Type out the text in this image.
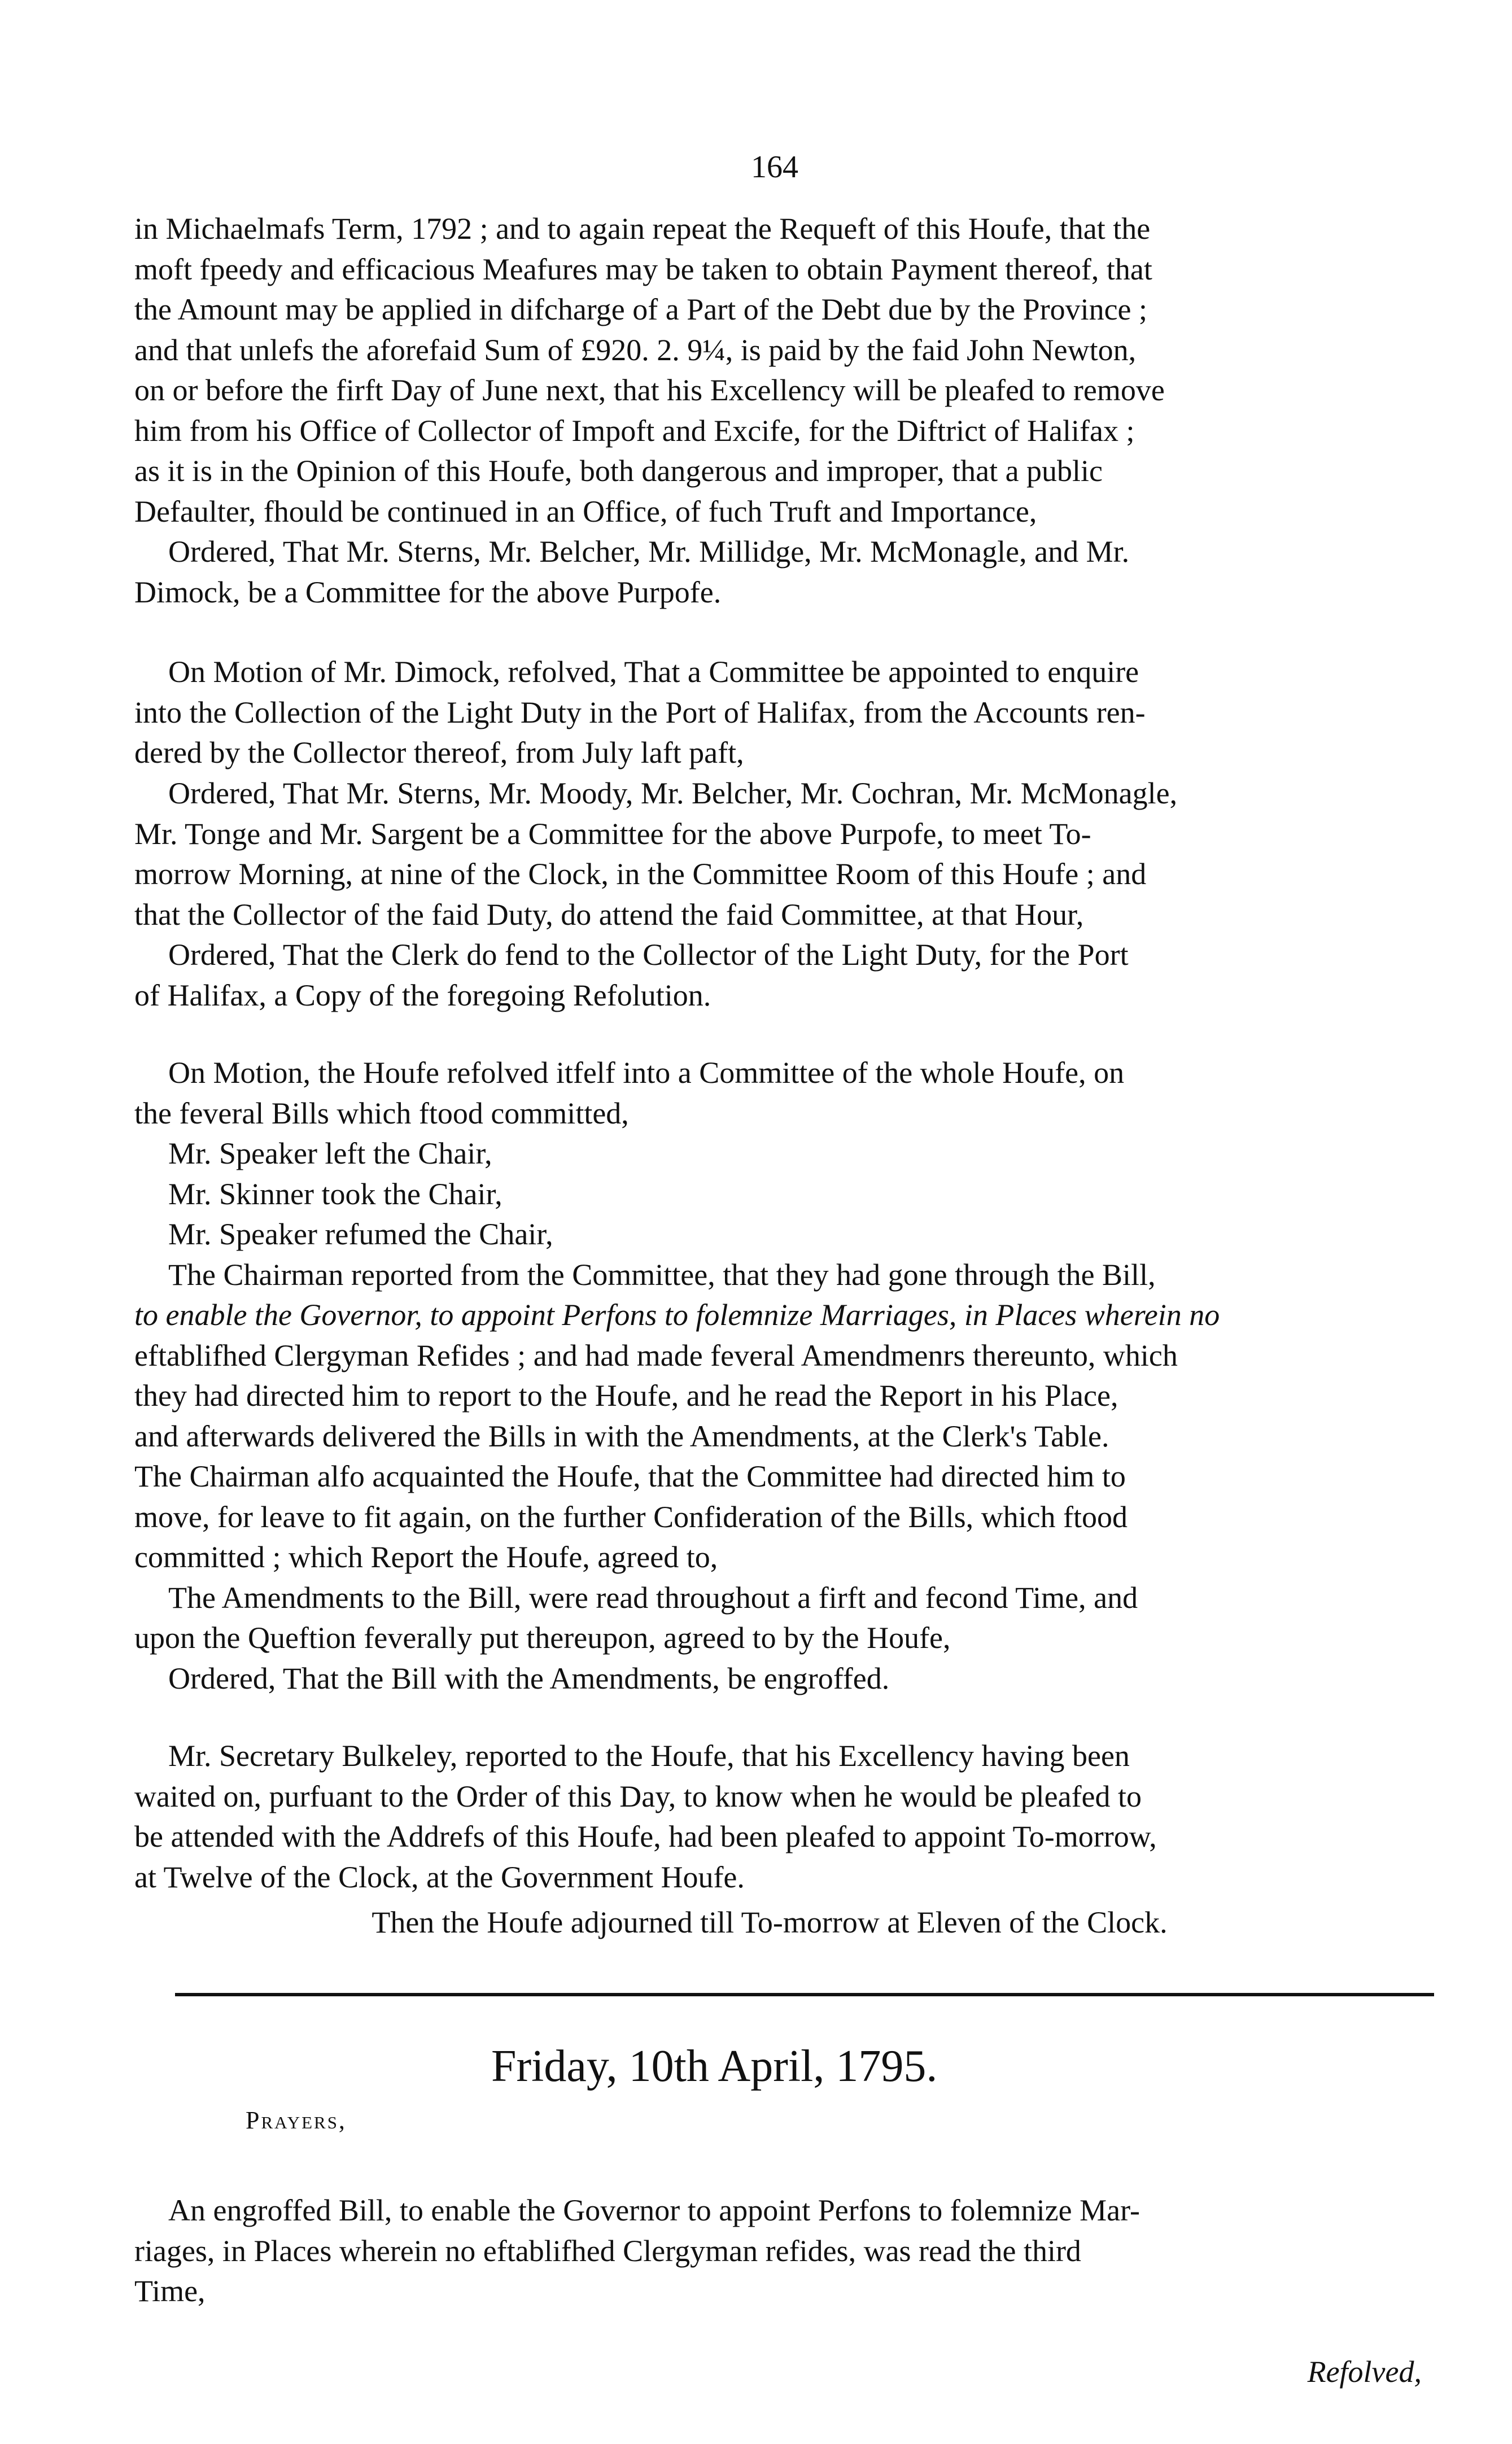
164
in Michaelmafs Term, 1792 ; and to again repeat the Requeft of this Houfe, that the
moft fpeedy and efficacious Meafures may be taken to obtain Payment thereof, that
the Amount may be applied in difcharge of a Part of the Debt due by the Province ;
and that unlefs the aforefaid Sum of £920. 2. 9¼, is paid by the faid John Newton,
on or before the firft Day of June next, that his Excellency will be pleafed to remove
him from his Office of Collector of Impoft and Excife, for the Diftrict of Halifax ;
as it is in the Opinion of this Houfe, both dangerous and improper, that a public
Defaulter, fhould be continued in an Office, of fuch Truft and Importance,
Ordered, That Mr. Sterns, Mr. Belcher, Mr. Millidge, Mr. McMonagle, and Mr.
Dimock, be a Committee for the above Purpofe.
On Motion of Mr. Dimock, refolved, That a Committee be appointed to enquire
into the Collection of the Light Duty in the Port of Halifax, from the Accounts ren-
dered by the Collector thereof, from July laft paft,
Ordered, That Mr. Sterns, Mr. Moody, Mr. Belcher, Mr. Cochran, Mr. McMonagle,
Mr. Tonge and Mr. Sargent be a Committee for the above Purpofe, to meet To-
morrow Morning, at nine of the Clock, in the Committee Room of this Houfe ; and
that the Collector of the faid Duty, do attend the faid Committee, at that Hour,
Ordered, That the Clerk do fend to the Collector of the Light Duty, for the Port
of Halifax, a Copy of the foregoing Refolution.
On Motion, the Houfe refolved itfelf into a Committee of the whole Houfe, on
the feveral Bills which ftood committed,
Mr. Speaker left the Chair,
Mr. Skinner took the Chair,
Mr. Speaker refumed the Chair,
The Chairman reported from the Committee, that they had gone through the Bill,
to enable the Governor, to appoint Perfons to folemnize Marriages, in Places wherein no
eftablifhed Clergyman Refides ; and had made feveral Amendmenrs thereunto, which
they had directed him to report to the Houfe, and he read the Report in his Place,
and afterwards delivered the Bills in with the Amendments, at the Clerk's Table.
The Chairman alfo acquainted the Houfe, that the Committee had directed him to
move, for leave to fit again, on the further Confideration of the Bills, which ftood
committed ; which Report the Houfe, agreed to,
The Amendments to the Bill, were read throughout a firft and fecond Time, and
upon the Queftion feverally put thereupon, agreed to by the Houfe,
Ordered, That the Bill with the Amendments, be engroffed.
Mr. Secretary Bulkeley, reported to the Houfe, that his Excellency having been
waited on, purfuant to the Order of this Day, to know when he would be pleafed to
be attended with the Addrefs of this Houfe, had been pleafed to appoint To-morrow,
at Twelve of the Clock, at the Government Houfe.
Then the Houfe adjourned till To-morrow at Eleven of the Clock.
Friday, 10th April, 1795.
Prayers,
An engroffed Bill, to enable the Governor to appoint Perfons to folemnize Mar-
riages, in Places wherein no eftablifhed Clergyman refides, was read the third
Time,
Refolved,
